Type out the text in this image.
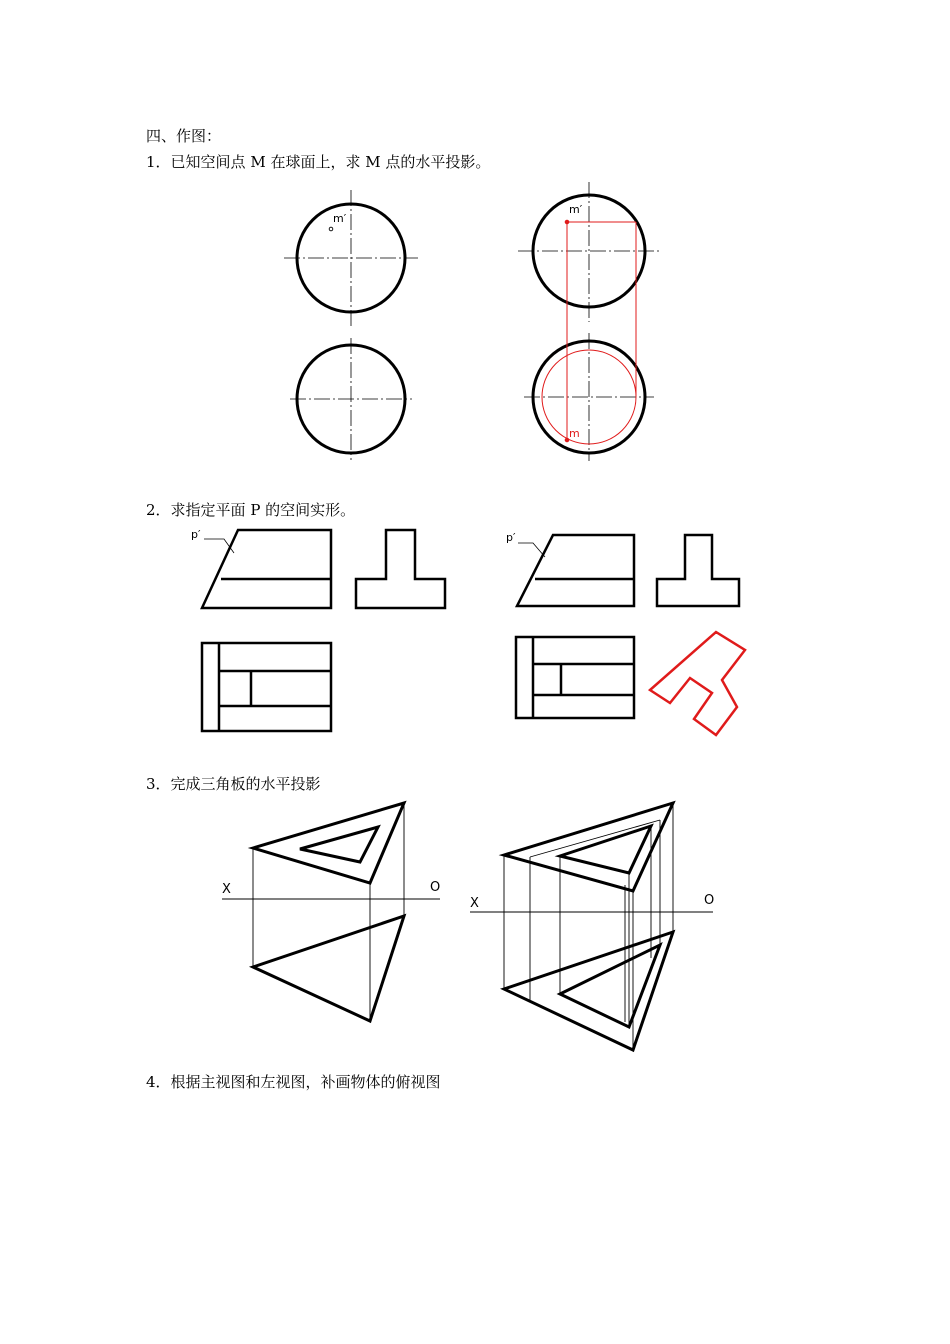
四、作图：
1．已知空间点 M 在球面上，求 M 点的水平投影。
2．求指定平面 P 的空间实形。
3．完成三角板的水平投影
4．根据主视图和左视图，补画物体的俯视图
m′
m′
m
p′	p′
X	O
X	O
